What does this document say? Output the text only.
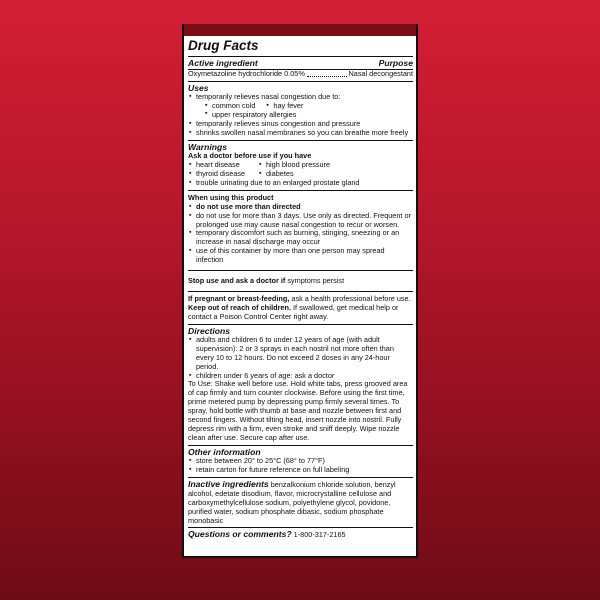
Drug Facts
Active ingredient	Purpose
Oxymetazoline hydrochloride 0.05%	Nasal decongestant
Uses
▪ temporarily relieves nasal congestion due to:
▪ common cold	▪ hay fever
▪ upper respiratory allergies
▪ temporarily relieves sinus congestion and pressure
▪ shrinks swollen nasal membranes so you can breathe more freely
Warnings
Ask a doctor before use if you have
▪ heart disease	▪ high blood pressure
▪ thyroid disease	▪ diabetes
▪ trouble urinating due to an enlarged prostate gland
When using this product
▪ do not use more than directed
▪ do not use for more than 3 days. Use only as directed. Frequent or prolonged use may cause nasal congestion to recur or worsen.
▪ temporary discomfort such as burning, stinging, sneezing or an increase in nasal discharge may occur
▪ use of this container by more than one person may spread infection
Stop use and ask a doctor if symptoms persist
If pregnant or breast-feeding, ask a health professional before use.
Keep out of reach of children. If swallowed, get medical help or contact a Poison Control Center right away.
Directions
▪ adults and children 6 to under 12 years of age (with adult supervision): 2 or 3 sprays in each nostril not more often than every 10 to 12 hours. Do not exceed 2 doses in any 24-hour period.
▪ children under 6 years of age: ask a doctor
To Use: Shake well before use. Hold white tabs, press grooved area of cap firmly and turn counter clockwise. Before using the first time, prime metered pump by depressing pump firmly several times. To spray, hold bottle with thumb at base and nozzle between first and second fingers. Without tilting head, insert nozzle into nostril. Fully depress rim with a firm, even stroke and sniff deeply. Wipe nozzle clean after use. Secure cap after use.
Other information
▪ store between 20° to 25°C (68° to 77°F)
▪ retain carton for future reference on full labeling
Inactive ingredients benzalkonium chloride solution, benzyl alcohol, edetate disodium, flavor, microcrystalline cellulose and carboxymethylcellulose sodium, polyethylene glycol, povidone, purified water, sodium phosphate dibasic, sodium phosphate monobasic
Questions or comments? 1-800-317-2165
